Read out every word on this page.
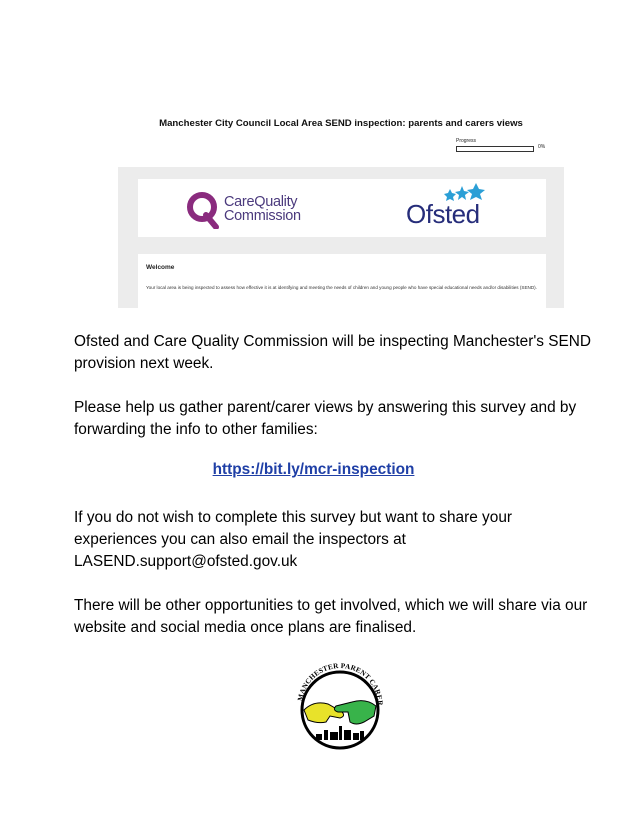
Manchester City Council Local Area SEND inspection: parents and carers views
Progress
0%
CareQuality
Commission	Ofsted
Welcome
Your local area is being inspected to assess how effective it is at identifying and meeting the needs of children and young people who have special educational needs and/or disabilities (SEND).
Ofsted and Care Quality Commission will be inspecting Manchester's SEND provision next week.
Please help us gather parent/carer views by answering this survey and by forwarding the info to other families:
https://bit.ly/mcr-inspection
If you do not wish to complete this survey but want to share your experiences you can also email the inspectors at LASEND.support@ofsted.gov.uk
There will be other opportunities to get involved, which we will share via our website and social media once plans are finalised.
MANCHESTER PARENT CARER
